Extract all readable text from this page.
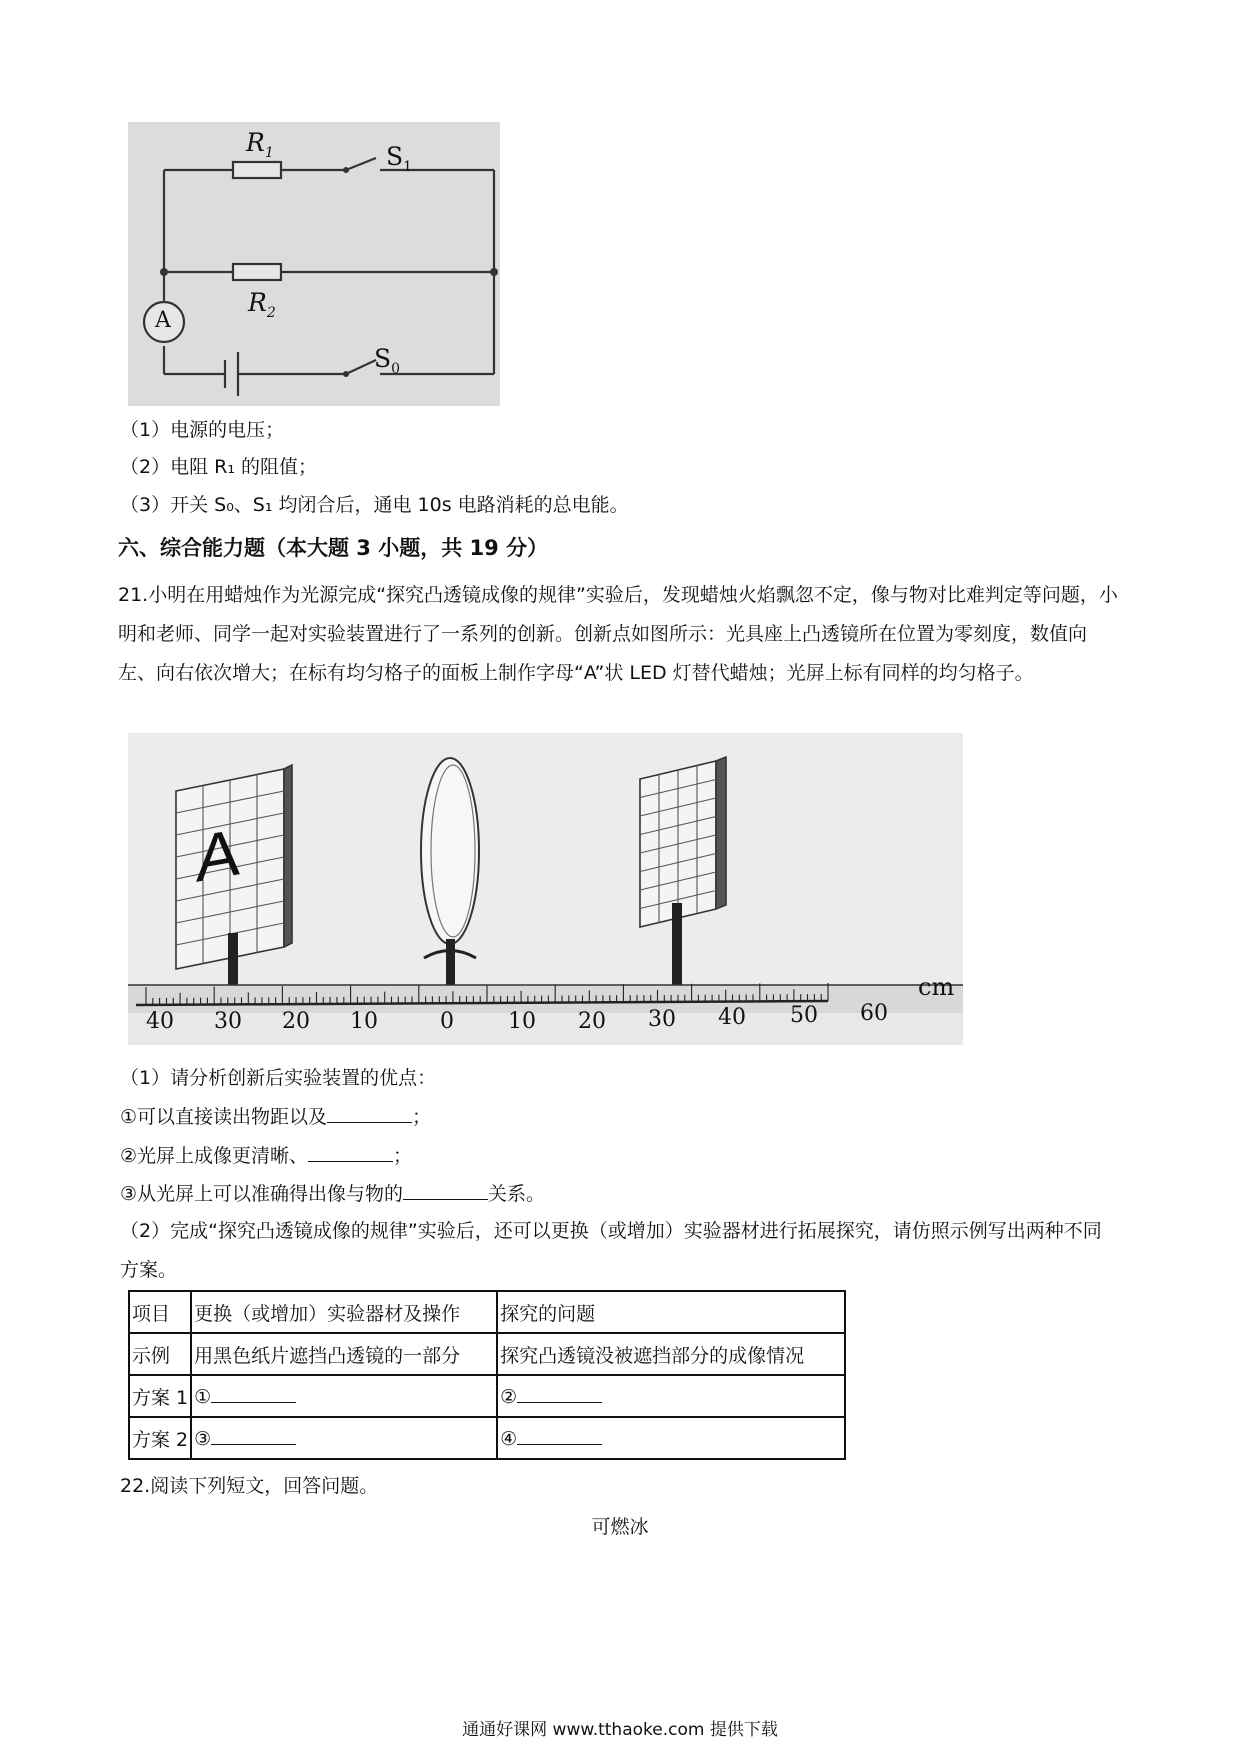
A
$R_1$	$S_1$
$R_2$
$S_0$
（1）电源的电压；
（2）电阻 R₁ 的阻值；
（3）开关 S₀、S₁ 均闭合后，通电 10s 电路消耗的总电能。
六、综合能力题（本大题 3 小题，共 19 分）
21.小明在用蜡烛作为光源完成“探究凸透镜成像的规律”实验后，发现蜡烛火焰飘忽不定，像与物对比难判定等问题，小明和老师、同学一起对实验装置进行了一系列的创新。创新点如图所示：光具座上凸透镜所在位置为零刻度，数值向左、向右依次增大；在标有均匀格子的面板上制作字母“A”状 LED 灯替代蜡烛；光屏上标有同样的均匀格子。
A
cm
40 30 20 10	0 10 20 30 40 50 60
（1）请分析创新后实验装置的优点：
①可以直接读出物距以及	；
②光屏上成像更清晰、	；
③从光屏上可以准确得出像与物的	关系。
（2）完成“探究凸透镜成像的规律”实验后，还可以更换（或增加）实验器材进行拓展探究，请仿照示例写出两种不同方案。
项目	更换（或增加）实验器材及操作	探究的问题
示例	用黑色纸片遮挡凸透镜的一部分	探究凸透镜没被遮挡部分的成像情况
方案 1	①	②
方案 2	③	④
22.阅读下列短文，回答问题。
可燃冰
通通好课网 www.tthaoke.com 提供下载
